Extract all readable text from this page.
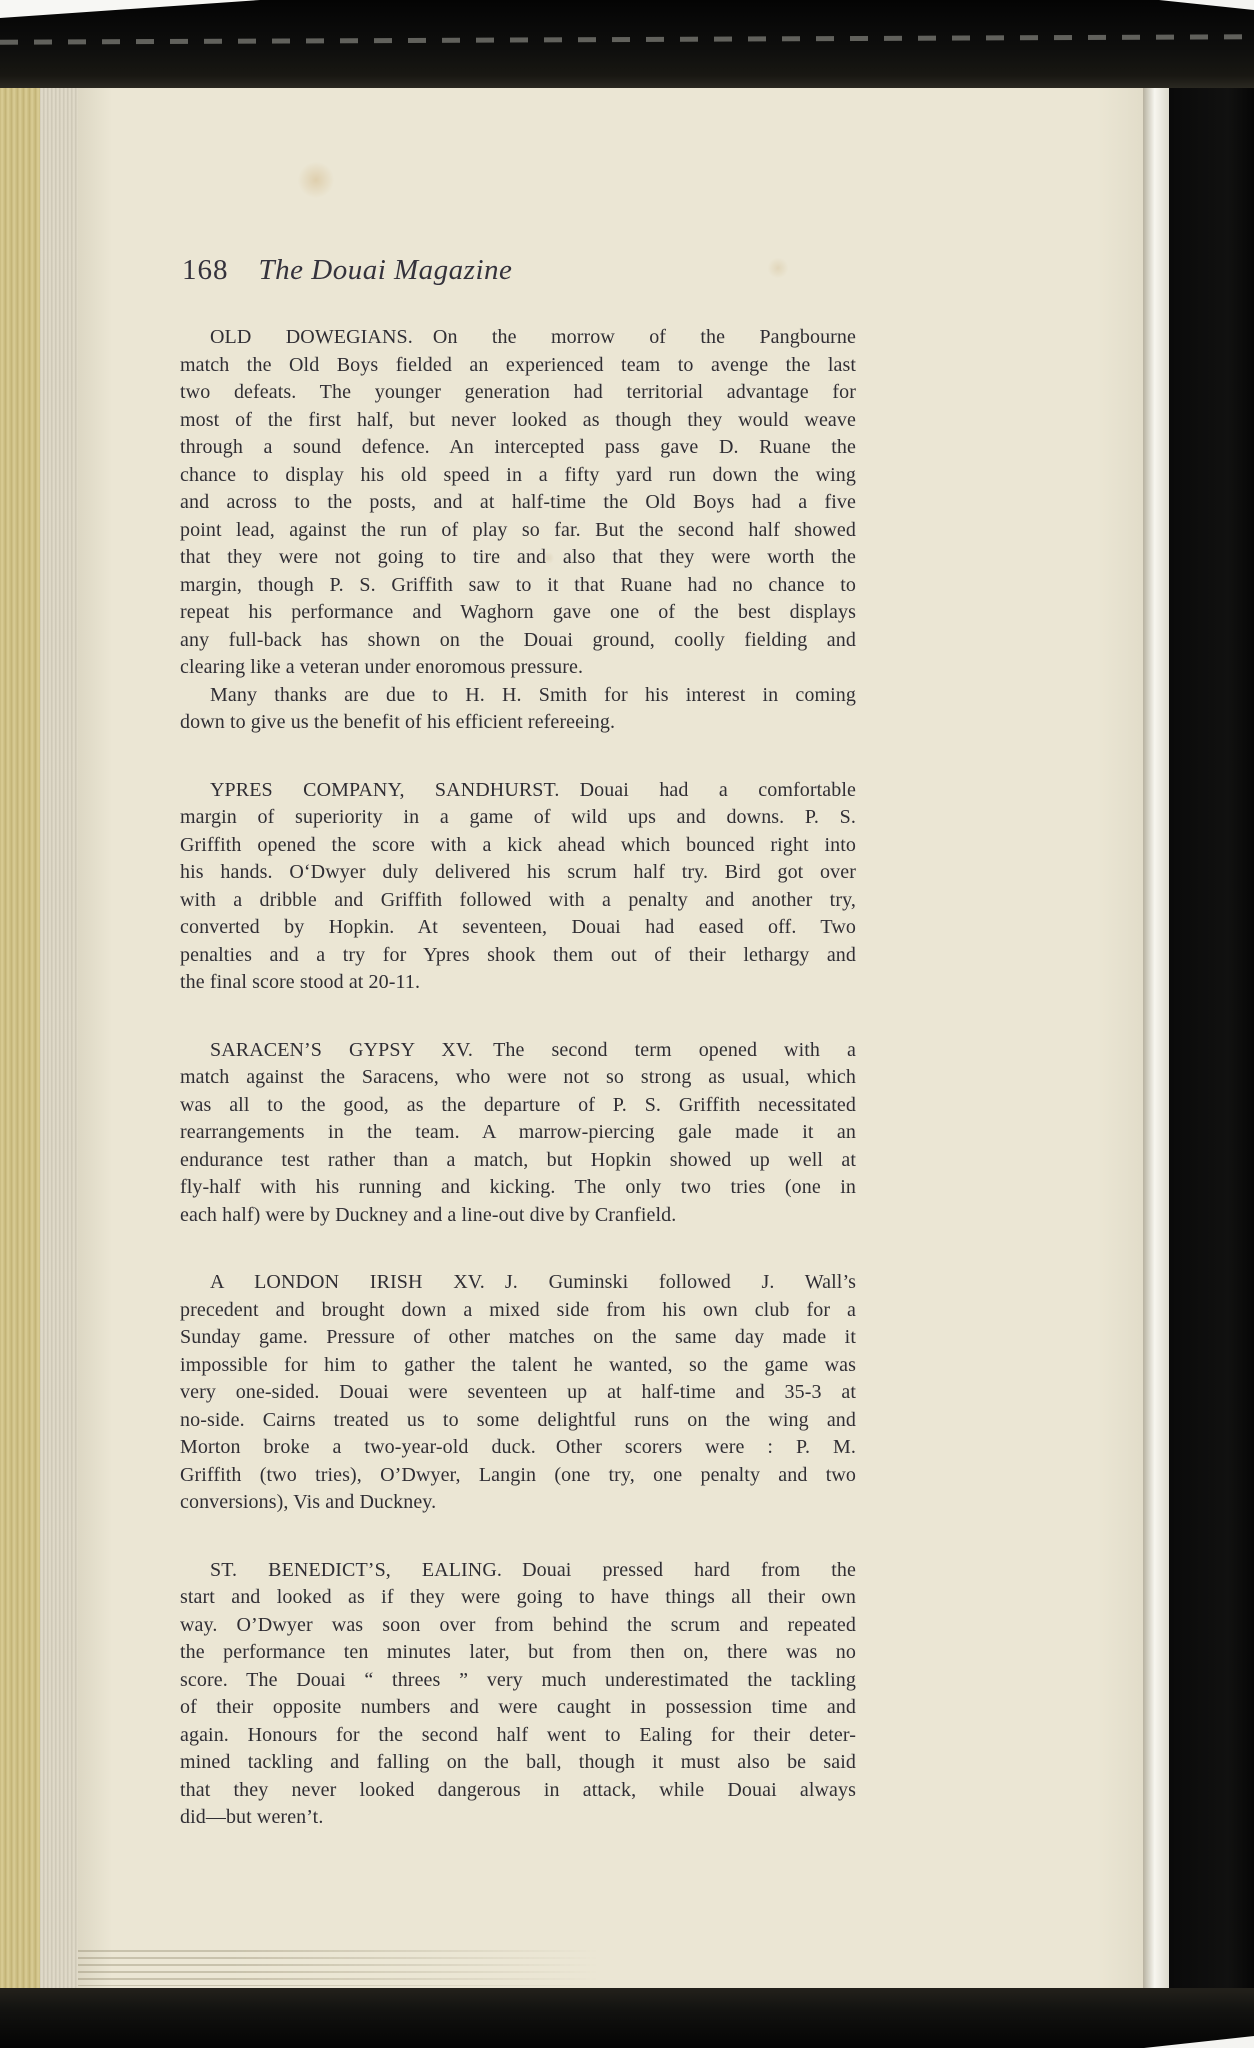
168 The Douai Magazine
OLD DOWEGIANS. On the morrow of the Pangbourne
match the Old Boys fielded an experienced team to avenge the last
two defeats. The younger generation had territorial advantage for
most of the first half, but never looked as though they would weave
through a sound defence. An intercepted pass gave D. Ruane the
chance to display his old speed in a fifty yard run down the wing
and across to the posts, and at half-time the Old Boys had a five
point lead, against the run of play so far. But the second half showed
that they were not going to tire and also that they were worth the
margin, though P. S. Griffith saw to it that Ruane had no chance to
repeat his performance and Waghorn gave one of the best displays
any full-back has shown on the Douai ground, coolly fielding and
clearing like a veteran under enoromous pressure.
Many thanks are due to H. H. Smith for his interest in coming
down to give us the benefit of his efficient refereeing.
YPRES COMPANY, SANDHURST. Douai had a comfortable
margin of superiority in a game of wild ups and downs. P. S.
Griffith opened the score with a kick ahead which bounced right into
his hands. O‘Dwyer duly delivered his scrum half try. Bird got over
with a dribble and Griffith followed with a penalty and another try,
converted by Hopkin. At seventeen, Douai had eased off. Two
penalties and a try for Ypres shook them out of their lethargy and
the final score stood at 20-11.
SARACEN’S GYPSY XV. The second term opened with a
match against the Saracens, who were not so strong as usual, which
was all to the good, as the departure of P. S. Griffith necessitated
rearrangements in the team. A marrow-piercing gale made it an
endurance test rather than a match, but Hopkin showed up well at
fly-half with his running and kicking. The only two tries (one in
each half) were by Duckney and a line-out dive by Cranfield.
A LONDON IRISH XV. J. Guminski followed J. Wall’s
precedent and brought down a mixed side from his own club for a
Sunday game. Pressure of other matches on the same day made it
impossible for him to gather the talent he wanted, so the game was
very one-sided. Douai were seventeen up at half-time and 35-3 at
no-side. Cairns treated us to some delightful runs on the wing and
Morton broke a two-year-old duck. Other scorers were : P. M.
Griffith (two tries), O’Dwyer, Langin (one try, one penalty and two
conversions), Vis and Duckney.
ST. BENEDICT’S, EALING. Douai pressed hard from the
start and looked as if they were going to have things all their own
way. O’Dwyer was soon over from behind the scrum and repeated
the performance ten minutes later, but from then on, there was no
score. The Douai “ threes ” very much underestimated the tackling
of their opposite numbers and were caught in possession time and
again. Honours for the second half went to Ealing for their deter-
mined tackling and falling on the ball, though it must also be said
that they never looked dangerous in attack, while Douai always
did—but weren’t.
